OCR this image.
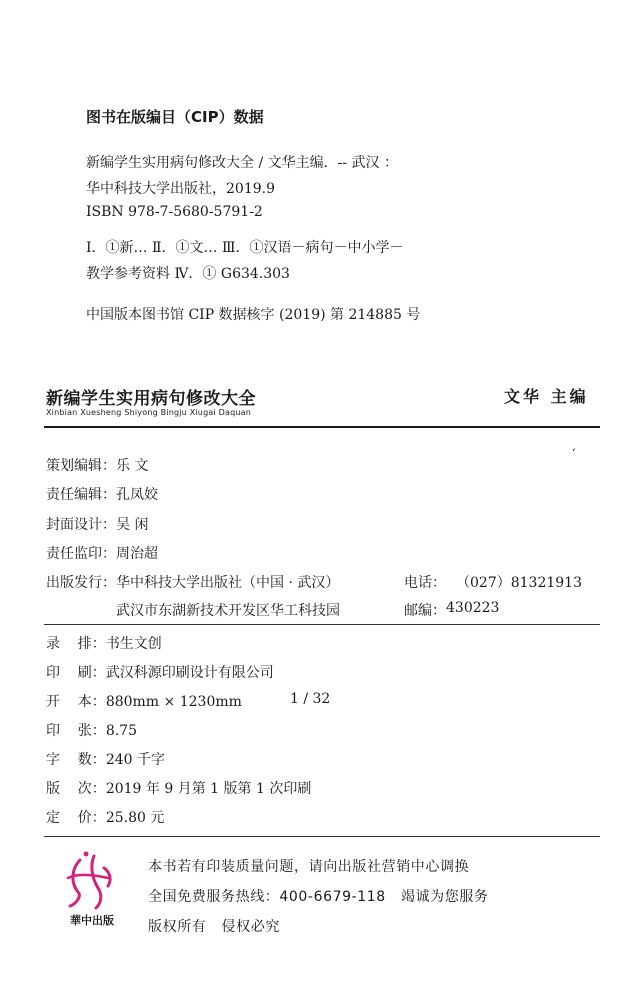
图书在版编目（CIP）数据
新编学生实用病句修改大全 / 文华主编．-- 武汉 ：
华中科技大学出版社，2019.9
ISBN 978-7-5680-5791-2
Ⅰ．①新… Ⅱ．①文… Ⅲ．①汉语－病句－中小学－
教学参考资料 Ⅳ．① G634.303
中国版本图书馆 CIP 数据核字 (2019) 第 214885 号
新编学生实用病句修改大全
Xinbian Xuesheng Shiyong Bingju Xiugai Daquan
文华 主编
ʻ
策划编辑：乐 文
责任编辑：孔凤姣
封面设计：吴 闲
责任监印：周治超
出版发行：华中科技大学出版社（中国 · 武汉）	电话： （027）81321913
武汉市东湖新技术开发区华工科技园	邮编： 430223
录    排：书生文创
印    刷：武汉科源印刷设计有限公司
开    本：880mm × 1230mm	1 / 32
印    张：8.75
字    数：240 千字
版    次：2019 年 9 月第 1 版第 1 次印刷
定    价：25.80 元
華中出版
本书若有印装质量问题，请向出版社营销中心调换
全国免费服务热线：400-6679-118   竭诚为您服务
版权所有   侵权必究
